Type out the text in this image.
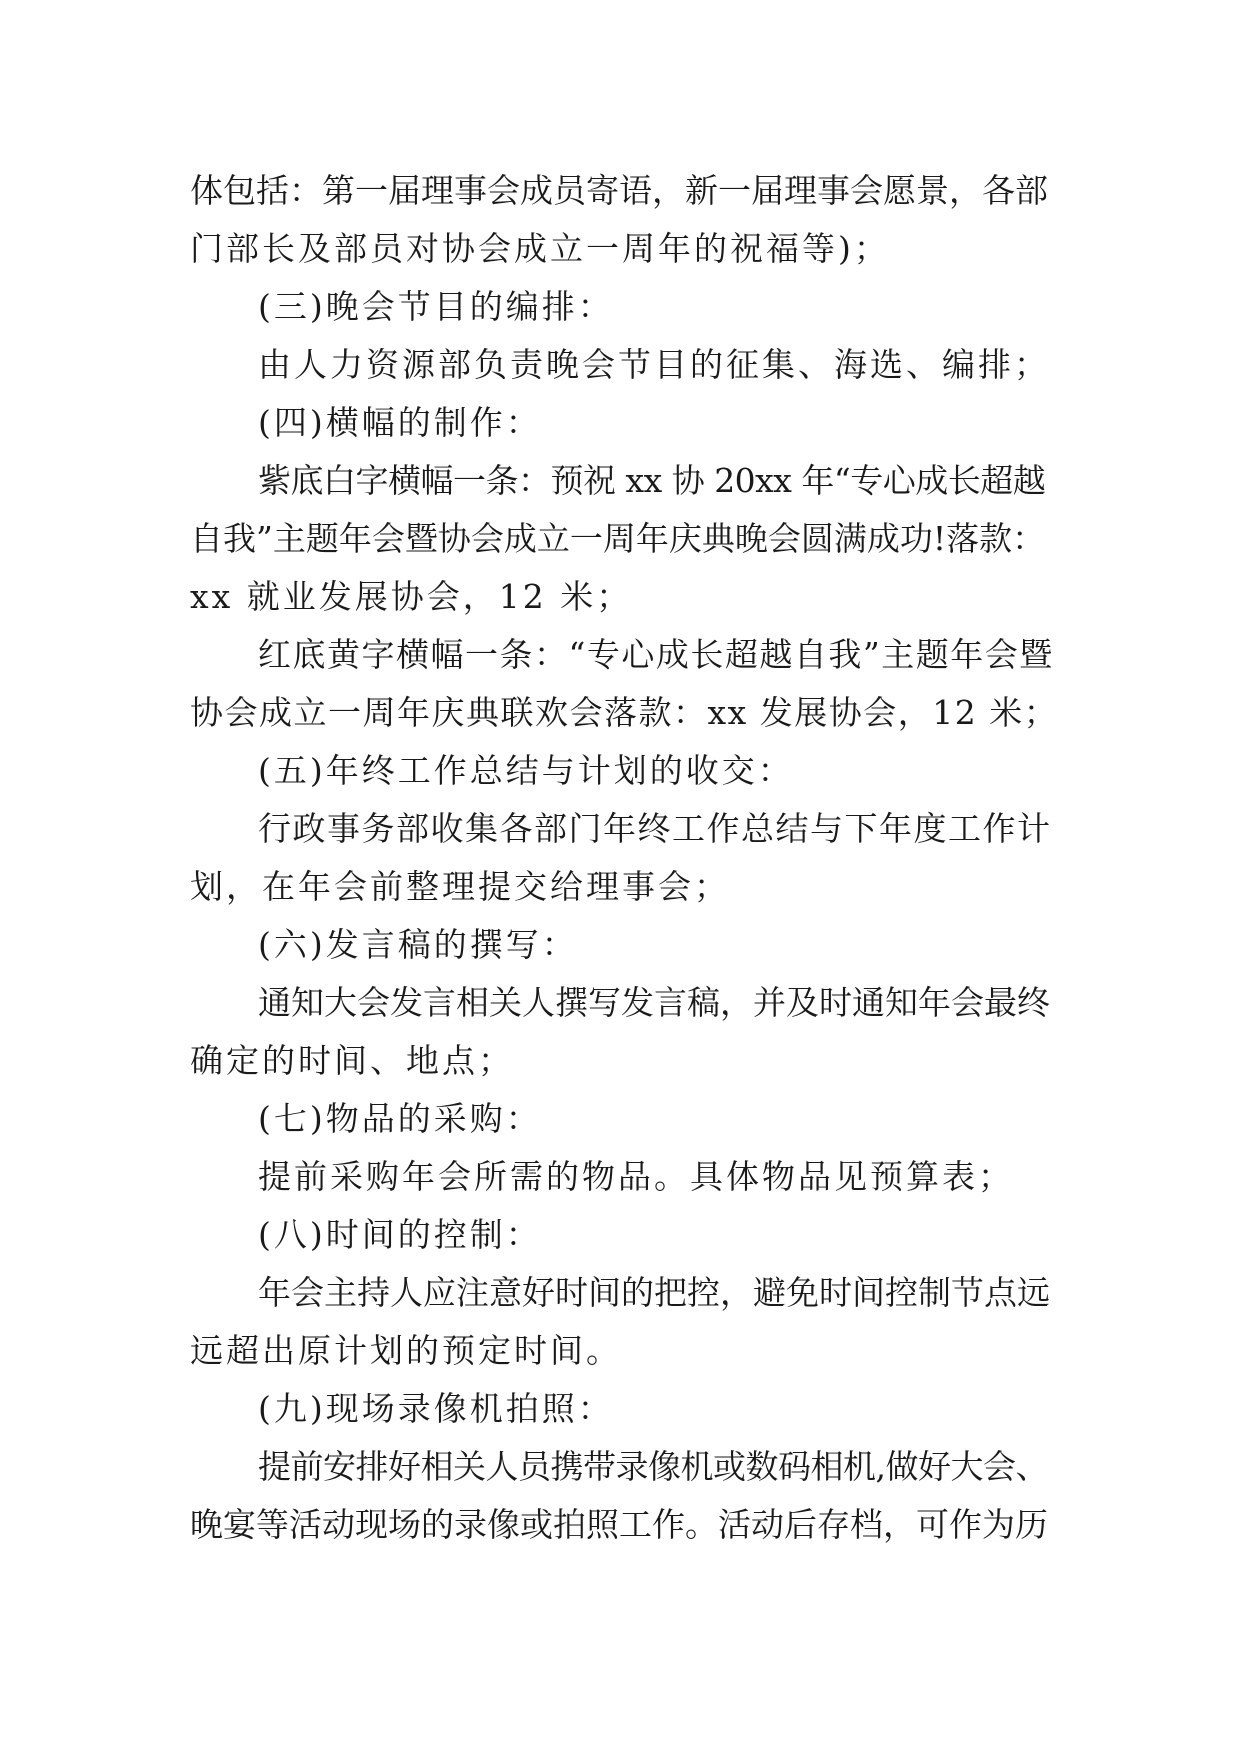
体包括：第一届理事会成员寄语，新一届理事会愿景，各部
门部长及部员对协会成立一周年的祝福等)；
(三)晚会节目的编排：
由人力资源部负责晚会节目的征集、海选、编排；
(四)横幅的制作：
紫底白字横幅一条：预祝 xx 协 20xx 年“专心成长超越
自我”主题年会暨协会成立一周年庆典晚会圆满成功!落款：
xx 就业发展协会，12 米；
红底黄字横幅一条：“专心成长超越自我”主题年会暨
协会成立一周年庆典联欢会落款：xx 发展协会，12 米；
(五)年终工作总结与计划的收交：
行政事务部收集各部门年终工作总结与下年度工作计
划，在年会前整理提交给理事会；
(六)发言稿的撰写：
通知大会发言相关人撰写发言稿，并及时通知年会最终
确定的时间、地点；
(七)物品的采购：
提前采购年会所需的物品。具体物品见预算表；
(八)时间的控制：
年会主持人应注意好时间的把控，避免时间控制节点远
远超出原计划的预定时间。
(九)现场录像机拍照：
提前安排好相关人员携带录像机或数码相机,做好大会、
晚宴等活动现场的录像或拍照工作。活动后存档，可作为历
